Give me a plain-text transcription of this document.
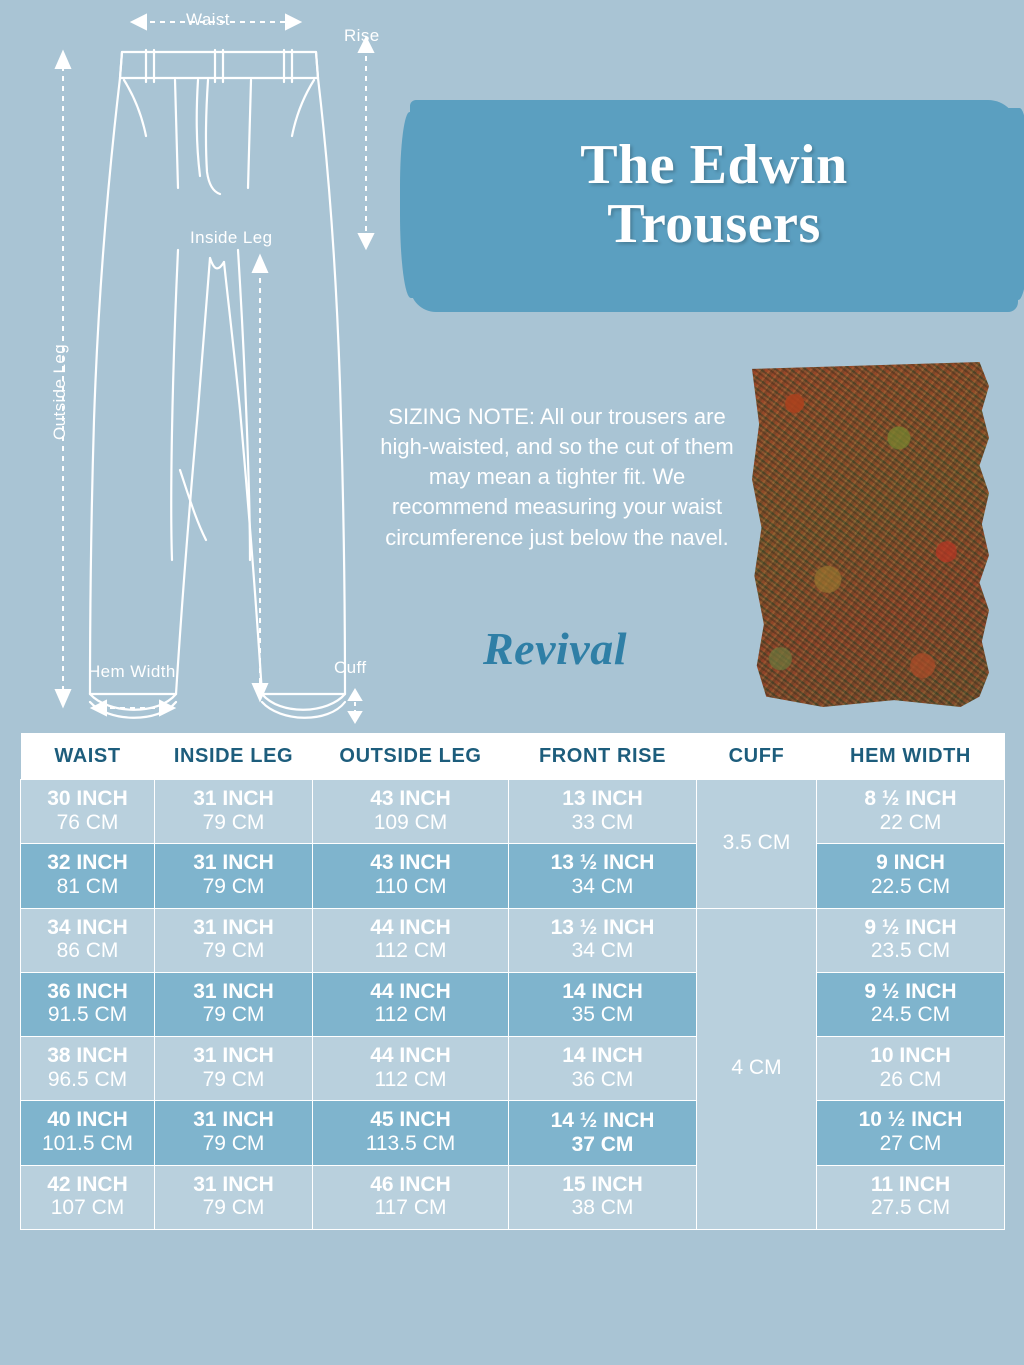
Waist
Rise
Inside Leg
Outside Leg
Hem Width	Cuff
The Edwin
Trousers

SIZING NOTE: All our trousers are high-waisted, and so the cut of them may mean a tighter fit. We recommend measuring your waist circumference just below the navel.

Revival
WAIST	INSIDE LEG	OUTSIDE LEG	FRONT RISE	CUFF	HEM WIDTH

30 INCH
76 CM	31 INCH
79 CM	43 INCH
109 CM	13 INCH
33 CM	3.5 CM	8 ½ INCH
22 CM

32 INCH
81 CM	31 INCH
79 CM	43 INCH
110 CM	13 ½ INCH
34 CM		9 INCH
22.5 CM

34 INCH
86 CM	31 INCH
79 CM	44 INCH
112 CM	13 ½ INCH
34 CM	4 CM	9 ½ INCH
23.5 CM

36 INCH
91.5 CM	31 INCH
79 CM	44 INCH
112 CM	14 INCH
35 CM		9 ½ INCH
24.5 CM

38 INCH
96.5 CM	31 INCH
79 CM	44 INCH
112 CM	14 INCH
36 CM		10 INCH
26 CM

40 INCH
101.5 CM	31 INCH
79 CM	45 INCH
113.5 CM	14 ½ INCH
37 CM		10 ½ INCH
27 CM

42 INCH
107 CM	31 INCH
79 CM	46 INCH
117 CM	15 INCH
38 CM		11 INCH
27.5 CM
